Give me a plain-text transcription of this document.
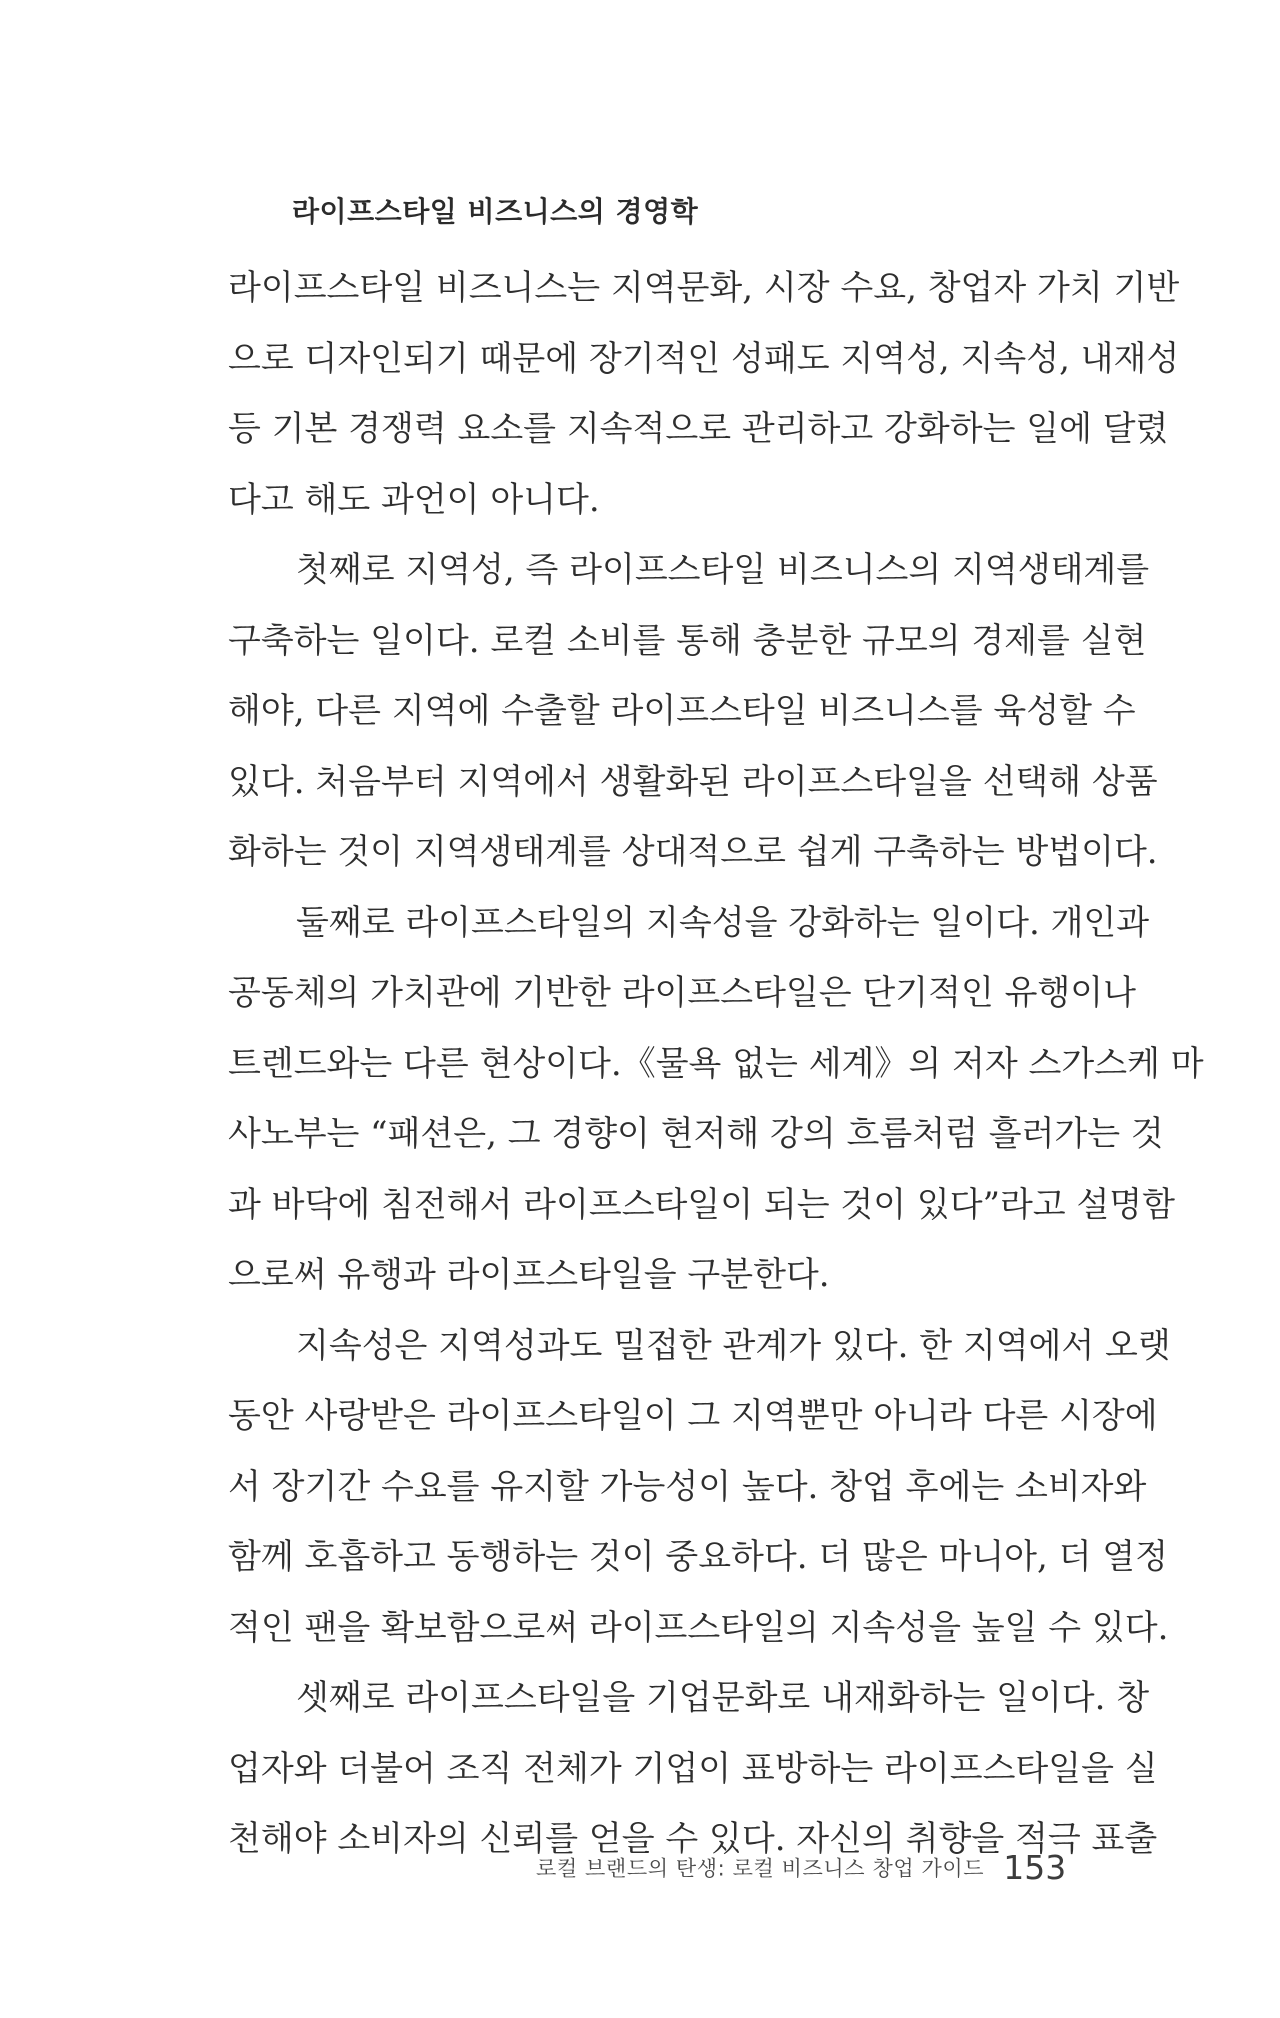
라이프스타일 비즈니스의 경영학
라이프스타일 비즈니스는 지역문화, 시장 수요, 창업자 가치 기반
으로 디자인되기 때문에 장기적인 성패도 지역성, 지속성, 내재성
등 기본 경쟁력 요소를 지속적으로 관리하고 강화하는 일에 달렸
다고 해도 과언이 아니다.
첫째로 지역성, 즉 라이프스타일 비즈니스의 지역생태계를
구축하는 일이다. 로컬 소비를 통해 충분한 규모의 경제를 실현
해야, 다른 지역에 수출할 라이프스타일 비즈니스를 육성할 수
있다. 처음부터 지역에서 생활화된 라이프스타일을 선택해 상품
화하는 것이 지역생태계를 상대적으로 쉽게 구축하는 방법이다.
둘째로 라이프스타일의 지속성을 강화하는 일이다. 개인과
공동체의 가치관에 기반한 라이프스타일은 단기적인 유행이나
트렌드와는 다른 현상이다.《물욕 없는 세계》의 저자 스가스케 마
사노부는 “패션은, 그 경향이 현저해 강의 흐름처럼 흘러가는 것
과 바닥에 침전해서 라이프스타일이 되는 것이 있다”라고 설명함
으로써 유행과 라이프스타일을 구분한다.
지속성은 지역성과도 밀접한 관계가 있다. 한 지역에서 오랫
동안 사랑받은 라이프스타일이 그 지역뿐만 아니라 다른 시장에
서 장기간 수요를 유지할 가능성이 높다. 창업 후에는 소비자와
함께 호흡하고 동행하는 것이 중요하다. 더 많은 마니아, 더 열정
적인 팬을 확보함으로써 라이프스타일의 지속성을 높일 수 있다.
셋째로 라이프스타일을 기업문화로 내재화하는 일이다. 창
업자와 더불어 조직 전체가 기업이 표방하는 라이프스타일을 실
천해야 소비자의 신뢰를 얻을 수 있다. 자신의 취향을 적극 표출
로컬 브랜드의 탄생: 로컬 비즈니스 창업 가이드 153
